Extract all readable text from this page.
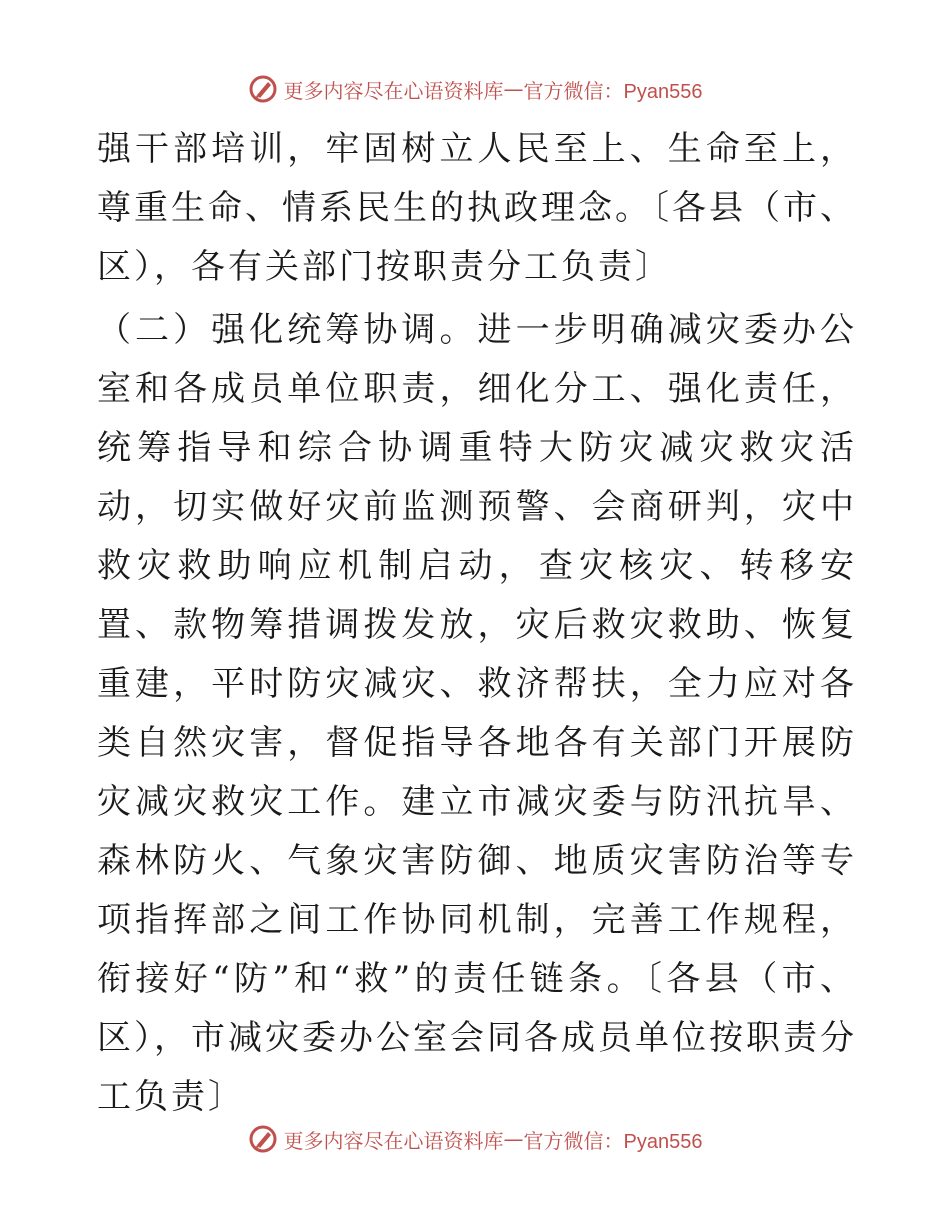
更多内容尽在心语资料库 — 官方微信：Pyan556

强干部培训，牢固树立人民至上、生命至上，尊重生命、情系民生的执政理念。〔各县（市、区），各有关部门按职责分工负责〕

（二）强化统筹协调。进一步明确减灾委办公室和各成员单位职责，细化分工、强化责任，统筹指导和综合协调重特大防灾减灾救灾活动，切实做好灾前监测预警、会商研判，灾中救灾救助响应机制启动，查灾核灾、转移安置、款物筹措调拨发放，灾后救灾救助、恢复重建，平时防灾减灾、救济帮扶，全力应对各类自然灾害，督促指导各地各有关部门开展防灾减灾救灾工作。建立市减灾委与防汛抗旱、森林防火、气象灾害防御、地质灾害防治等专项指挥部之间工作协同机制，完善工作规程，衔接好“防”和“救”的责任链条。〔各县（市、区），市减灾委办公室会同各成员单位按职责分工负责〕

更多内容尽在心语资料库 — 官方微信：Pyan556
